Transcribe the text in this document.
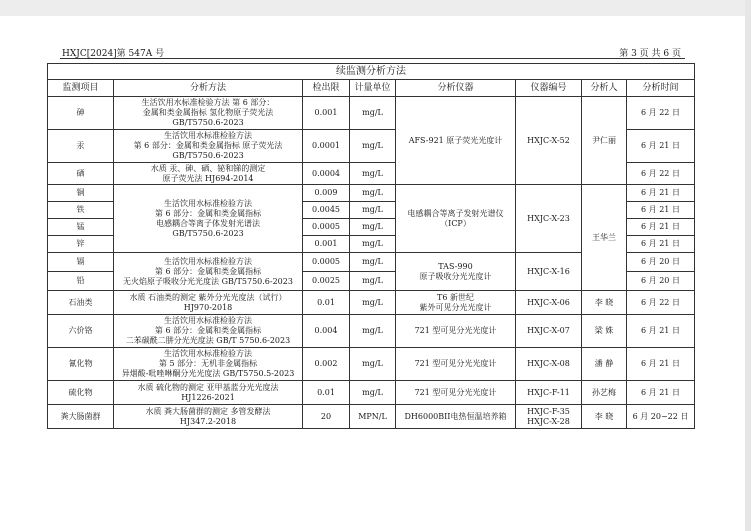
HXJC[2024]第 547A 号	第 3 页 共 6 页
续监测分析方法							
监测项目	分析方法	检出限	计量单位	分析仪器	仪器编号	分析人	分析时间
砷	生活饮用水标准检验方法 第 6 部分：
金属和类金属指标 氢化物原子荧光法
GB/T5750.6-2023	0.001	mg/L	AFS-921 原子荧光光度计	HXJC-X-52	尹仁丽	6 月 22 日
汞	生活饮用水标准检验方法
第 6 部分：金属和类金属指标 原子荧光法
GB/T5750.6-2023	0.0001	mg/L				6 月 21 日
硒	水质 汞、砷、硒、铋和锑的测定
原子荧光法 HJ694-2014	0.0004	mg/L				6 月 22 日
铜	生活饮用水标准检验方法
第 6 部分：金属和类金属指标
电感耦合等离子体发射光谱法
GB/T5750.6-2023	0.009	mg/L	电感耦合等离子发射光谱仪
（ICP）	HXJC-X-23	王华兰	6 月 21 日
铁		0.0045	mg/L				6 月 21 日
锰		0.0005	mg/L				6 月 21 日
锌		0.001	mg/L				6 月 21 日
镉	生活饮用水标准检验方法
第 6 部分：金属和类金属指标
无火焰原子吸收分光光度法 GB/T5750.6-2023	0.0005	mg/L	TAS-990
原子吸收分光光度计	HXJC-X-16		6 月 20 日
铅		0.0025	mg/L				6 月 20 日
石油类	水质 石油类的测定 紫外分光光度法（试行）
HJ970-2018	0.01	mg/L	T6 新世纪
紫外可见分光光度计	HXJC-X-06	李 晓	6 月 22 日
六价铬	生活饮用水标准检验方法
第 6 部分：金属和类金属指标
二苯碳酰二肼分光光度法 GB/T 5750.6-2023	0.004	mg/L	721 型可见分光光度计	HXJC-X-07	梁 姝	6 月 21 日
氰化物	生活饮用水标准检验方法
第 5 部分：无机非金属指标
异烟酸-吡唑啉酮分光光度法 GB/T5750.5-2023	0.002	mg/L	721 型可见分光光度计	HXJC-X-08	潘 静	6 月 21 日
硫化物	水质 硫化物的测定 亚甲基蓝分光光度法
HJ1226-2021	0.01	mg/L	721 型可见分光光度计	HXJC-F-11	孙艺梅	6 月 21 日
粪大肠菌群	水质 粪大肠菌群的测定 多管发酵法
HJ347.2-2018	20	MPN/L	DH6000BII电热恒温培养箱	HXJC-F-35
HXJC-X-28	李 晓	6 月 20~22 日
